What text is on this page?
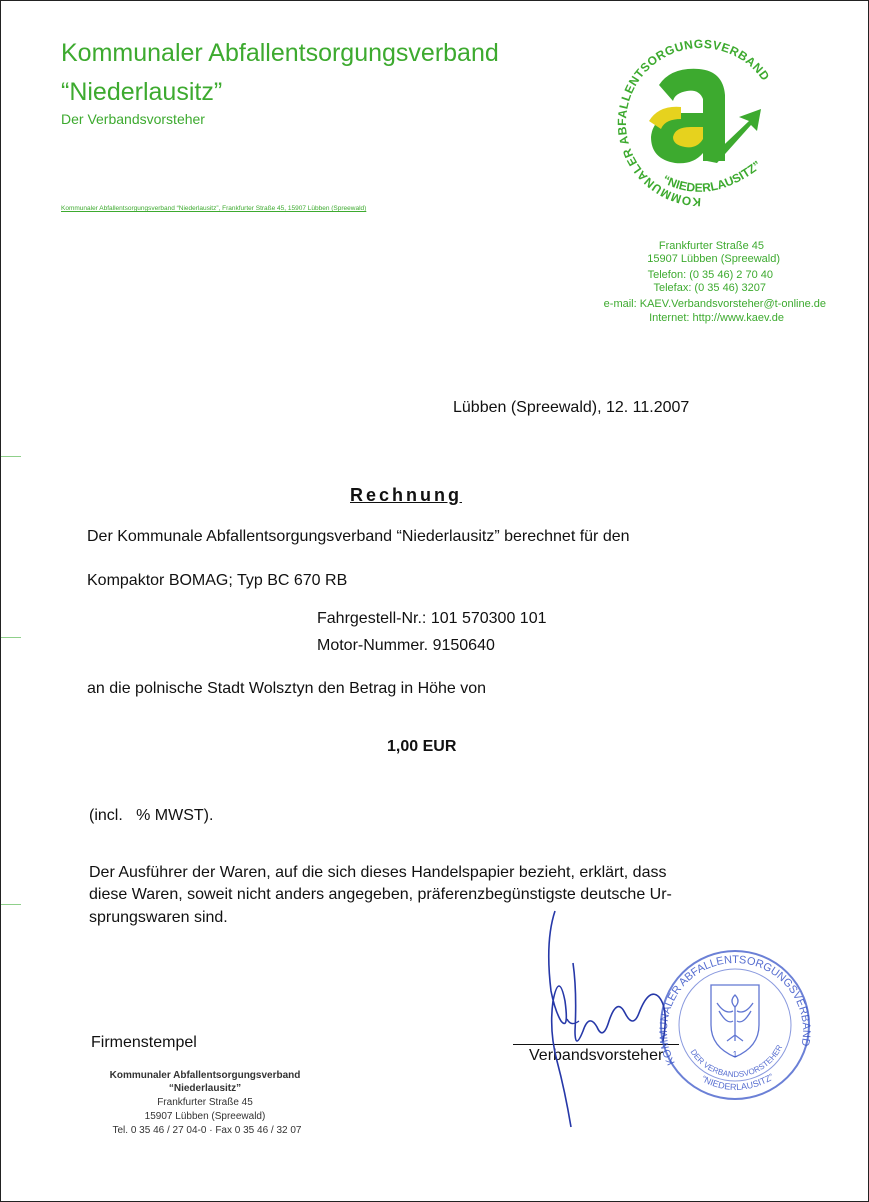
Kommunaler Abfallentsorgungsverband
“Niederlausitz”
Der Verbandsvorsteher
Kommunaler Abfallentsorgungsverband “Niederlausitz”, Frankfurter Straße 45, 15907 Lübben (Spreewald)	KOMMUNALER ABFALLENTSORGUNGSVERBAND
“NIEDERLAUSITZ”
Frankfurter Straße 45
15907 Lübben (Spreewald)
Telefon: (0 35 46) 2 70 40
Telefax: (0 35 46) 3207
e-mail: KAEV.Verbandsvorsteher@t-online.de
Internet: http://www.kaev.de
Lübben (Spreewald), 12. 11.2007
Rechnung
Der Kommunale Abfallentsorgungsverband “Niederlausitz” berechnet für den
Kompaktor BOMAG; Typ BC 670 RB
Fahrgestell-Nr.: 101 570300 101
Motor-Nummer. 9150640
an die polnische Stadt Wolsztyn den Betrag in Höhe von
1,00 EUR
(incl.   % MWST).
Der Ausführer der Waren, auf die sich dieses Handelspapier bezieht, erklärt, dass
diese Waren, soweit nicht anders angegeben, präferenzbegünstigste deutsche Ur-
sprungswaren sind.
Firmenstempel
Kommunaler Abfallentsorgungsverband
“Niederlausitz”
Frankfurter Straße 45
15907 Lübben (Spreewald)
Tel. 0 35 46 / 27 04-0 · Fax 0 35 46 / 32 07
Verbandsvorsteher KOMMUNALER ABFALLENTSORGUNGSVERBAND
DER VERBANDSVORSTEHER
“NIEDERLAUSITZ”
1
